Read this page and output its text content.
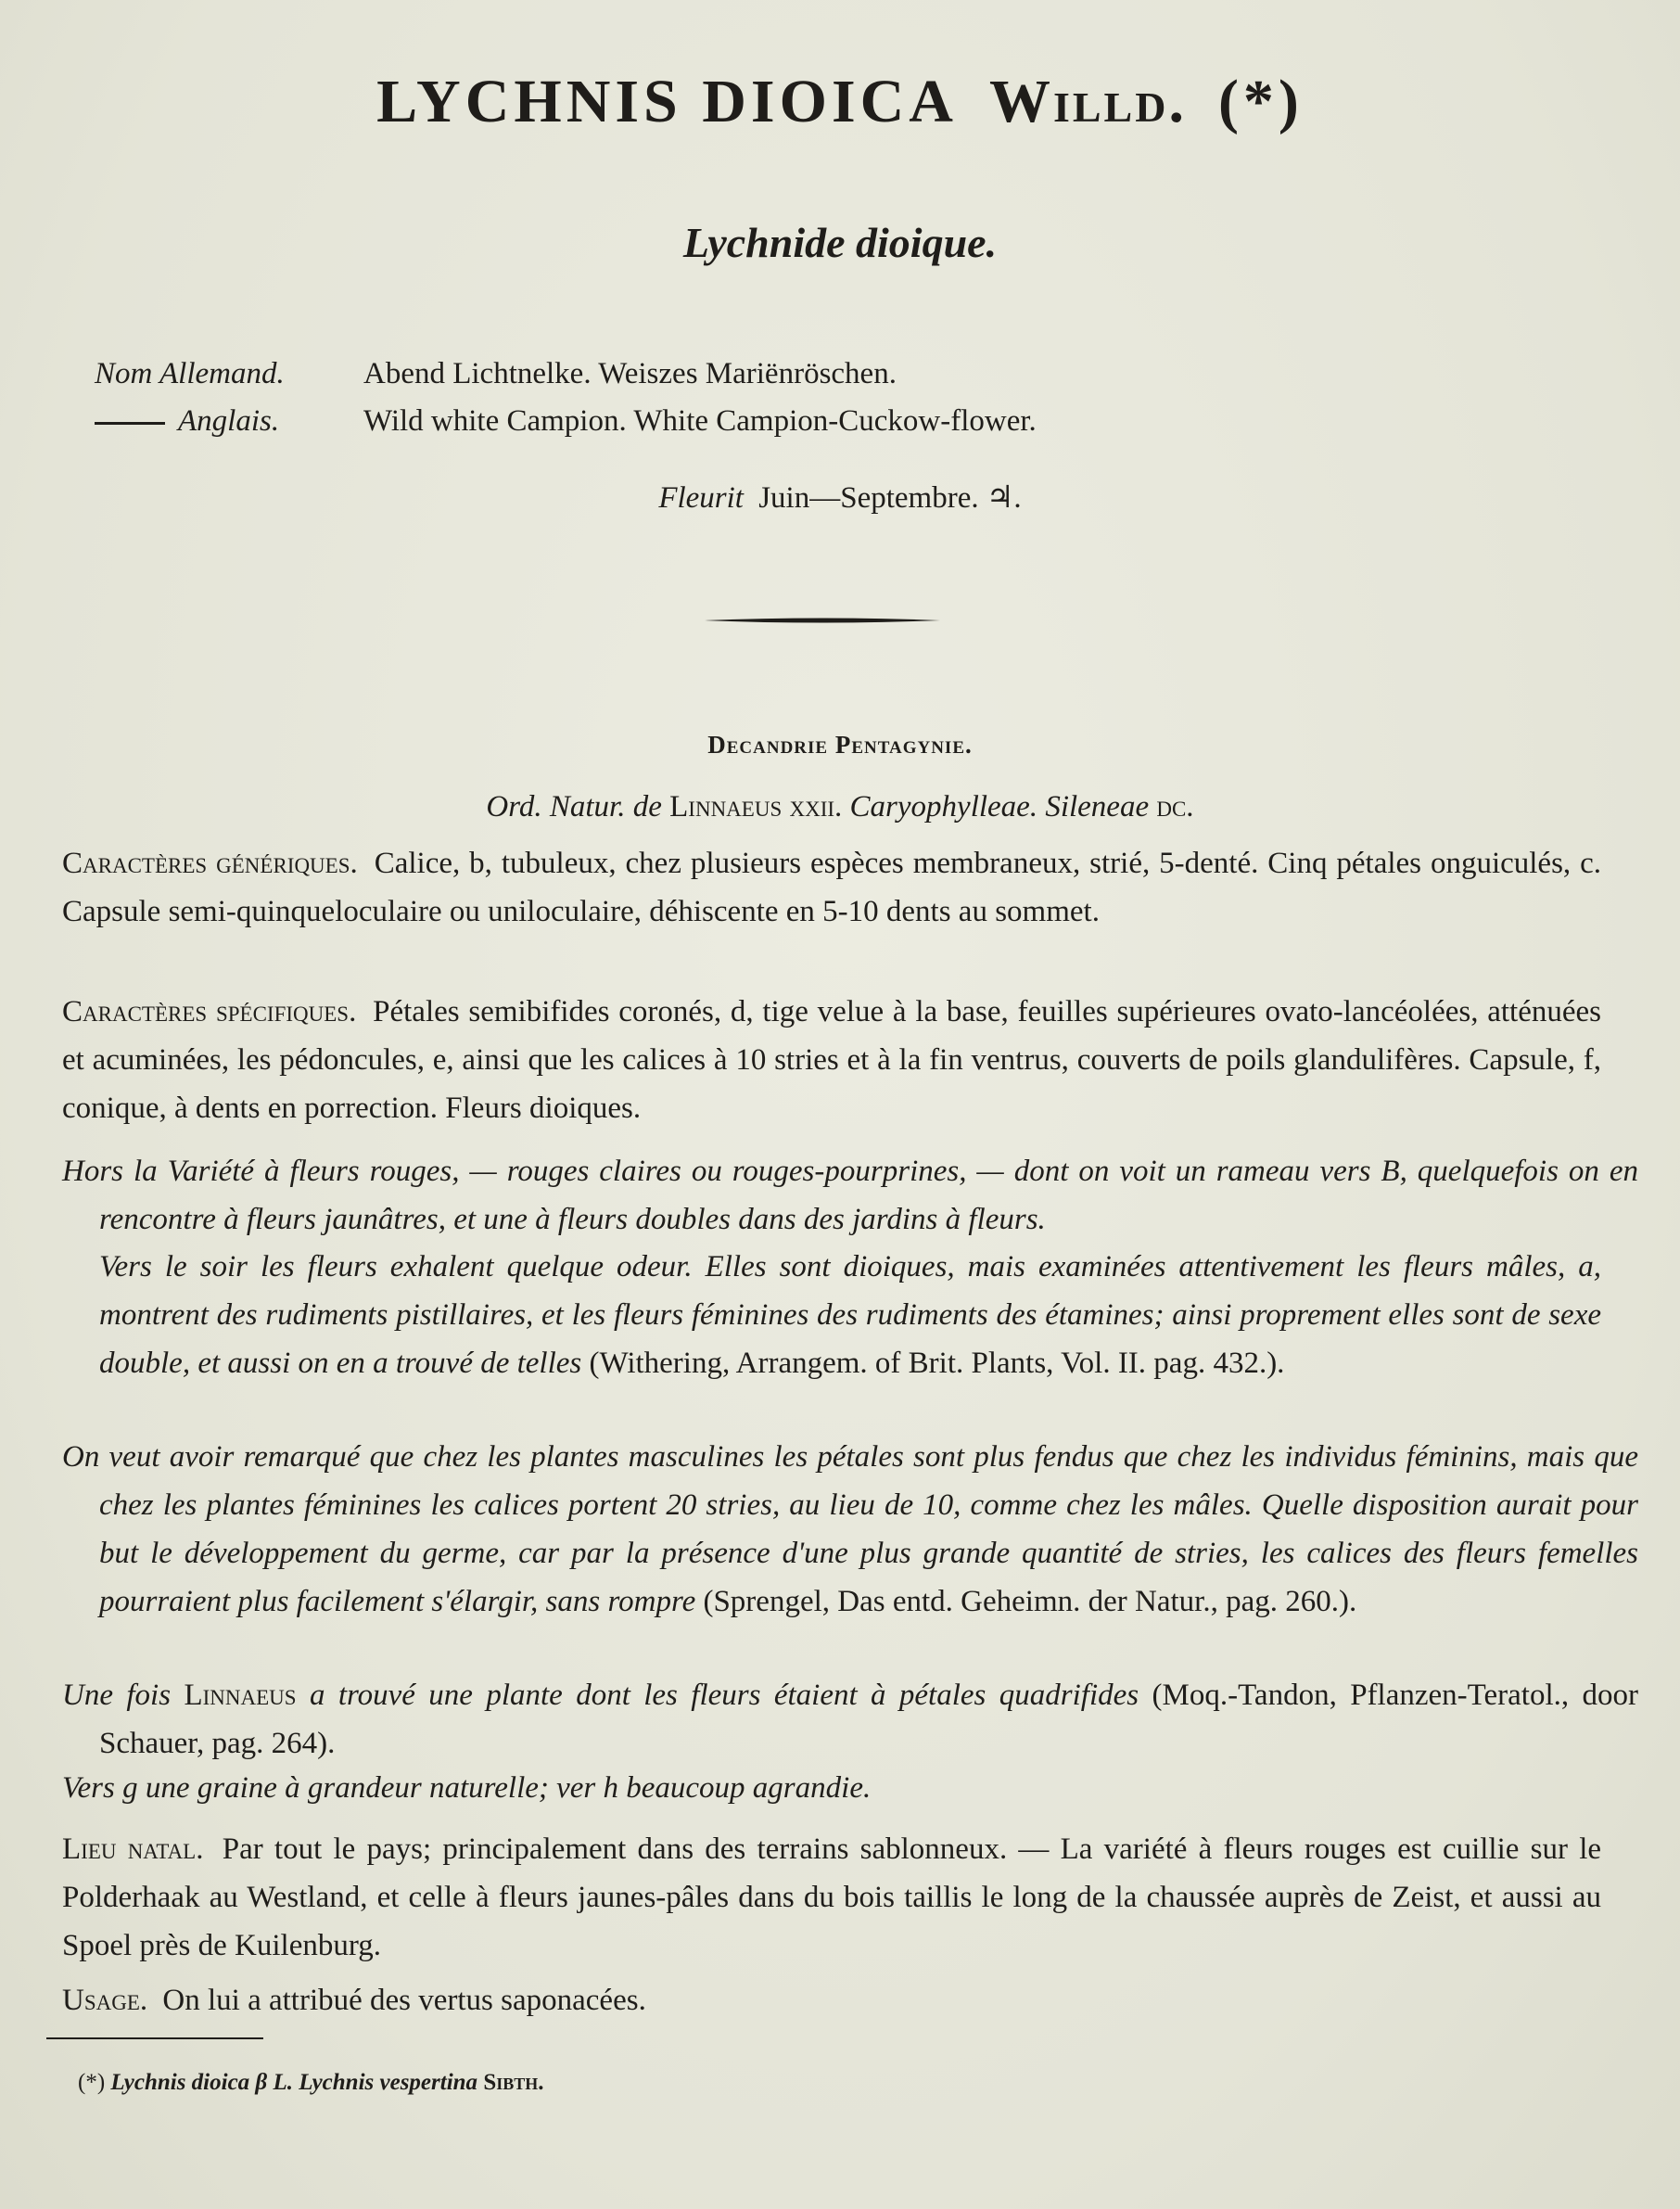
LYCHNIS DIOICA Willd. (*)
Lychnide dioique.

Nom Allemand.	Abend Lichtnelke. Weiszes Mariënröschen.

Anglais.	Wild white Campion. White Campion-Cuckow-flower.

Fleurit Juin—Septembre. ♃.

Decandrie Pentagynie.

Ord. Natur. de Linnaeus xxii. Caryophylleae. Sileneae dc.

Caractères génériques. Calice, b, tubuleux, chez plusieurs espèces membraneux, strié, 5-denté. Cinq pétales onguiculés, c. Capsule semi-quinqueloculaire ou uniloculaire, déhiscente en 5-10 dents au sommet.

Caractères spécifiques. Pétales semibifides coronés, d, tige velue à la base, feuilles supérieures ovato-lancéolées, atténuées et acuminées, les pédoncules, e, ainsi que les calices à 10 stries et à la fin ventrus, couverts de poils glandulifères. Capsule, f, conique, à dents en porrection. Fleurs dioiques.

Hors la Variété à fleurs rouges, — rouges claires ou rouges-pourprines, — dont on voit un rameau vers B, quelquefois on en rencontre à fleurs jaunâtres, et une à fleurs doubles dans des jardins à fleurs.

Vers le soir les fleurs exhalent quelque odeur. Elles sont dioiques, mais examinées attentivement les fleurs mâles, a, montrent des rudiments pistillaires, et les fleurs féminines des rudiments des étamines; ainsi proprement elles sont de sexe double, et aussi on en a trouvé de telles (Withering, Arrangem. of Brit. Plants, Vol. II. pag. 432.).

On veut avoir remarqué que chez les plantes masculines les pétales sont plus fendus que chez les individus féminins, mais que chez les plantes féminines les calices portent 20 stries, au lieu de 10, comme chez les mâles. Quelle disposition aurait pour but le développement du germe, car par la présence d'une plus grande quantité de stries, les calices des fleurs femelles pourraient plus facilement s'élargir, sans rompre (Sprengel, Das entd. Geheimn. der Natur., pag. 260.).

Une fois Linnaeus a trouvé une plante dont les fleurs étaient à pétales quadrifides (Moq.-Tandon, Pflanzen-Teratol., door Schauer, pag. 264).

Vers g une graine à grandeur naturelle; ver h beaucoup agrandie.

Lieu natal. Par tout le pays; principalement dans des terrains sablonneux. — La variété à fleurs rouges est cuillie sur le Polderhaak au Westland, et celle à fleurs jaunes-pâles dans du bois taillis le long de la chaussée auprès de Zeist, et aussi au Spoel près de Kuilenburg.

Usage. On lui a attribué des vertus saponacées.

(*) Lychnis dioica β L. Lychnis vespertina Sibth.
